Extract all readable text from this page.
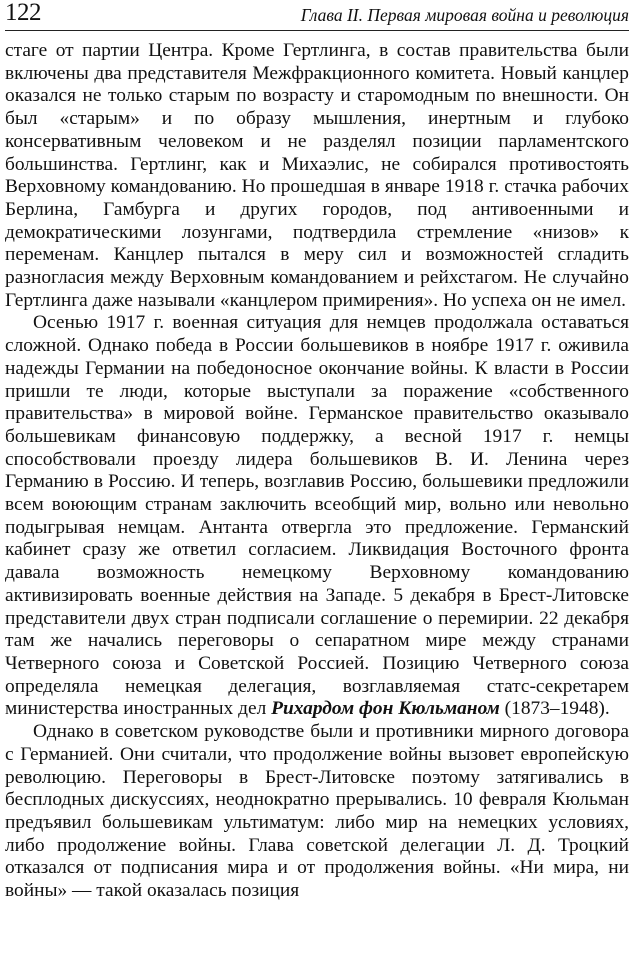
122	Глава II. Первая мировая война и революция

стаге от партии Центра. Кроме Гертлинга, в состав правительства были включены два представителя Межфракционного комитета. Новый канцлер оказался не только старым по возрасту и старомодным по внешности. Он был «старым» и по образу мышления, инертным и глубоко консервативным человеком и не разделял позиции парламентского большинства. Гертлинг, как и Михаэлис, не собирался противостоять Верховному командованию. Но прошедшая в январе 1918 г. стачка рабочих Берлина, Гамбурга и других городов, под антивоенными и демократическими лозунгами, подтвердила стремление «низов» к переменам. Канцлер пытался в меру сил и возможностей сгладить разногласия между Верховным командованием и рейхстагом. Не случайно Гертлинга даже называли «канцлером примирения». Но успеха он не имел.

Осенью 1917 г. военная ситуация для немцев продолжала оставаться сложной. Однако победа в России большевиков в ноябре 1917 г. оживила надежды Германии на победоносное окончание войны. К власти в России пришли те люди, которые выступали за поражение «собственного правительства» в мировой войне. Германское правительство оказывало большевикам финансовую поддержку, а весной 1917 г. немцы способствовали проезду лидера большевиков В. И. Ленина через Германию в Россию. И теперь, возглавив Россию, большевики предложили всем воюющим странам заключить всеобщий мир, вольно или невольно подыгрывая немцам. Антанта отвергла это предложение. Германский кабинет сразу же ответил согласием. Ликвидация Восточного фронта давала возможность немецкому Верховному командованию активизировать военные действия на Западе. 5 декабря в Брест-Литовске представители двух стран подписали соглашение о перемирии. 22 декабря там же начались переговоры о сепаратном мире между странами Четверного союза и Советской Россией. Позицию Четверного союза определяла немецкая делегация, возглавляемая статс-секретарем министерства иностранных дел Рихардом фон Кюльманом (1873–1948).

Однако в советском руководстве были и противники мирного договора с Германией. Они считали, что продолжение войны вызовет европейскую революцию. Переговоры в Брест-Литовске поэтому затягивались в бесплодных дискуссиях, неоднократно прерывались. 10 февраля Кюльман предъявил большевикам ультиматум: либо мир на немецких условиях, либо продолжение войны. Глава советской делегации Л. Д. Троцкий отказался от подписания мира и от продолжения войны. «Ни мира, ни войны» — такой оказалась позиция
